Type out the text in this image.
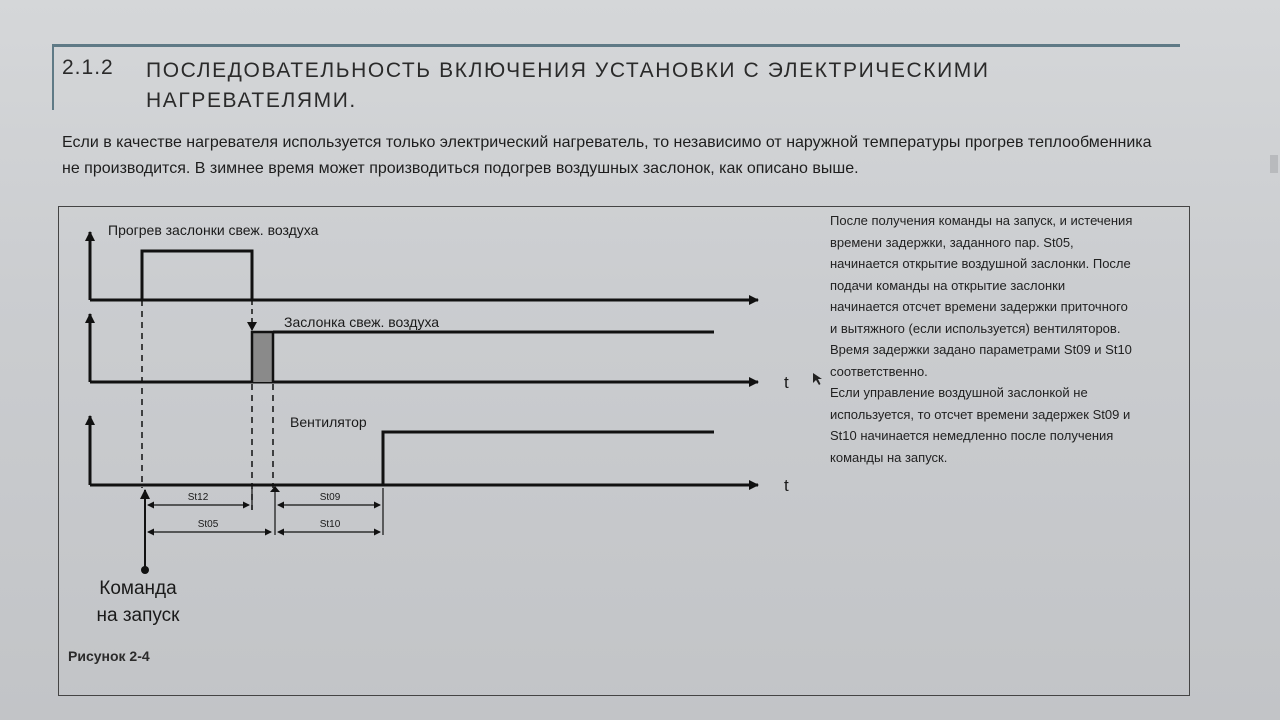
2.1.2 ПОСЛЕДОВАТЕЛЬНОСТЬ ВКЛЮЧЕНИЯ УСТАНОВКИ С ЭЛЕКТРИЧЕСКИМИ НАГРЕВАТЕЛЯМИ.
Если в качестве нагревателя используется только электрический нагреватель, то независимо от наружной температуры прогрев теплообменника не производится. В зимнее время может производиться подогрев воздушных заслонок, как описано выше.
Прогрев заслонки свеж. воздуха
Заслонка свеж. воздуха
t
Вентилятор
t
St12	St09
St05	St10
Команда
на запуск
После получения команды на запуск, и истечения
времени задержки, заданного пар. St05,
начинается открытие воздушной заслонки. После
подачи команды на открытие заслонки
начинается отсчет времени задержки приточного
и вытяжного (если используется) вентиляторов.
Время задержки задано параметрами St09 и St10
соответственно.
Если управление воздушной заслонкой не
используется, то отсчет времени задержек St09 и
St10 начинается немедленно после получения
команды на запуск.
Рисунок 2-4
